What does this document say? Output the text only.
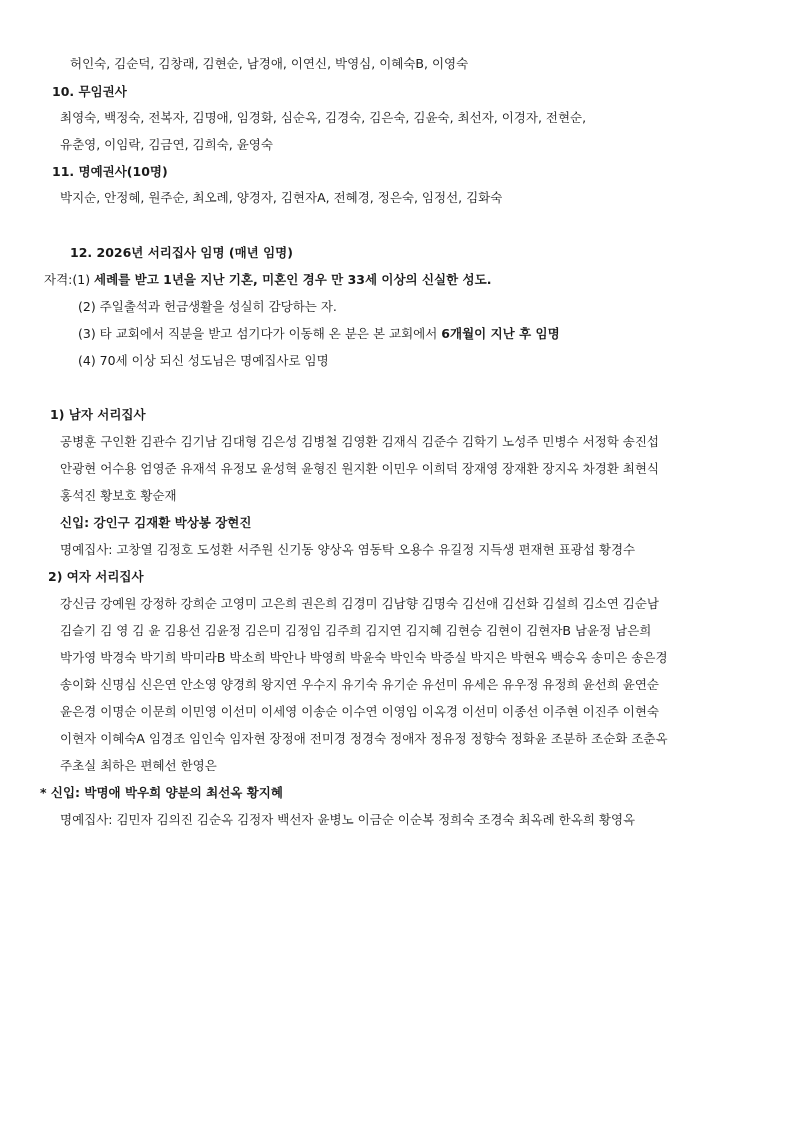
허인숙, 김순덕, 김창래, 김현순, 남경애, 이연신, 박영심, 이혜숙B, 이영숙
10. 무임권사
최영숙, 백정숙, 전복자, 김명애, 임경화, 심순옥, 김경숙, 김은숙, 김윤숙, 최선자, 이경자, 전현순,
유춘영, 이임락, 김금연, 김희숙, 윤영숙
11. 명예권사(10명)
박지순, 안정혜, 원주순, 최오례, 양경자, 김현자A, 전혜경, 정은숙, 임정선, 김화숙
12. 2026년 서리집사 임명 (매년 임명)
자격:(1) 세례를 받고 1년을 지난 기혼, 미혼인 경우 만 33세 이상의 신실한 성도.
(2) 주일출석과 헌금생활을 성실히 감당하는 자.
(3) 타 교회에서 직분을 받고 섬기다가 이동해 온 분은 본 교회에서 6개월이 지난 후 임명
(4) 70세 이상 되신 성도님은 명예집사로 임명
1) 남자 서리집사
공병훈 구인환 김관수 김기남 김대형 김은성 김병철 김영환 김재식 김준수 김학기 노성주 민병수 서정학 송진섭
안광현 어수용 엄영준 유재석 유정모 윤성혁 윤형진 원지환 이민우 이희덕 장재영 장재환 장지옥 차경환 최현식
홍석진 황보호 황순재
신입: 강인구 김재환 박상봉 장현진
명예집사: 고창열 김정호 도성환 서주원 신기동 양상옥 염동탁 오용수 유길정 지득생 편재현 표광섭 황경수
2) 여자 서리집사
강신금 강예원 강정하 강희순 고영미 고은희 권은희 김경미 김남향 김명숙 김선애 김선화 김설희 김소연 김순남
김슬기 김 영 김 윤 김용선 김윤정 김은미 김정임 김주희 김지연 김지혜 김현승 김현이 김현자B 남윤정 남은희
박가영 박경숙 박기희 박미라B 박소희 박안나 박영희 박윤숙 박인숙 박증실 박지은 박현옥 백승옥 송미은 송은경
송이화 신명심 신은연 안소영 양경희 왕지연 우수지 유기숙 유기순 유선미 유세은 유우정 유정희 윤선희 윤연순
윤은경 이명순 이문희 이민영 이선미 이세영 이송순 이수연 이영임 이옥경 이선미 이종선 이주현 이진주 이현숙
이현자 이혜숙A 임경조 임인숙 임자현 장정애 전미경 정경숙 정애자 정유정 정향숙 정화윤 조분하 조순화 조춘옥
주초실 최하은 편혜선 한영은
* 신입: 박명애 박우희 양분의 최선옥 황지혜
명예집사: 김민자 김의진 김순옥 김정자 백선자 윤병노 이금순 이순복 정희숙 조경숙 최옥례 한옥희 황영옥
